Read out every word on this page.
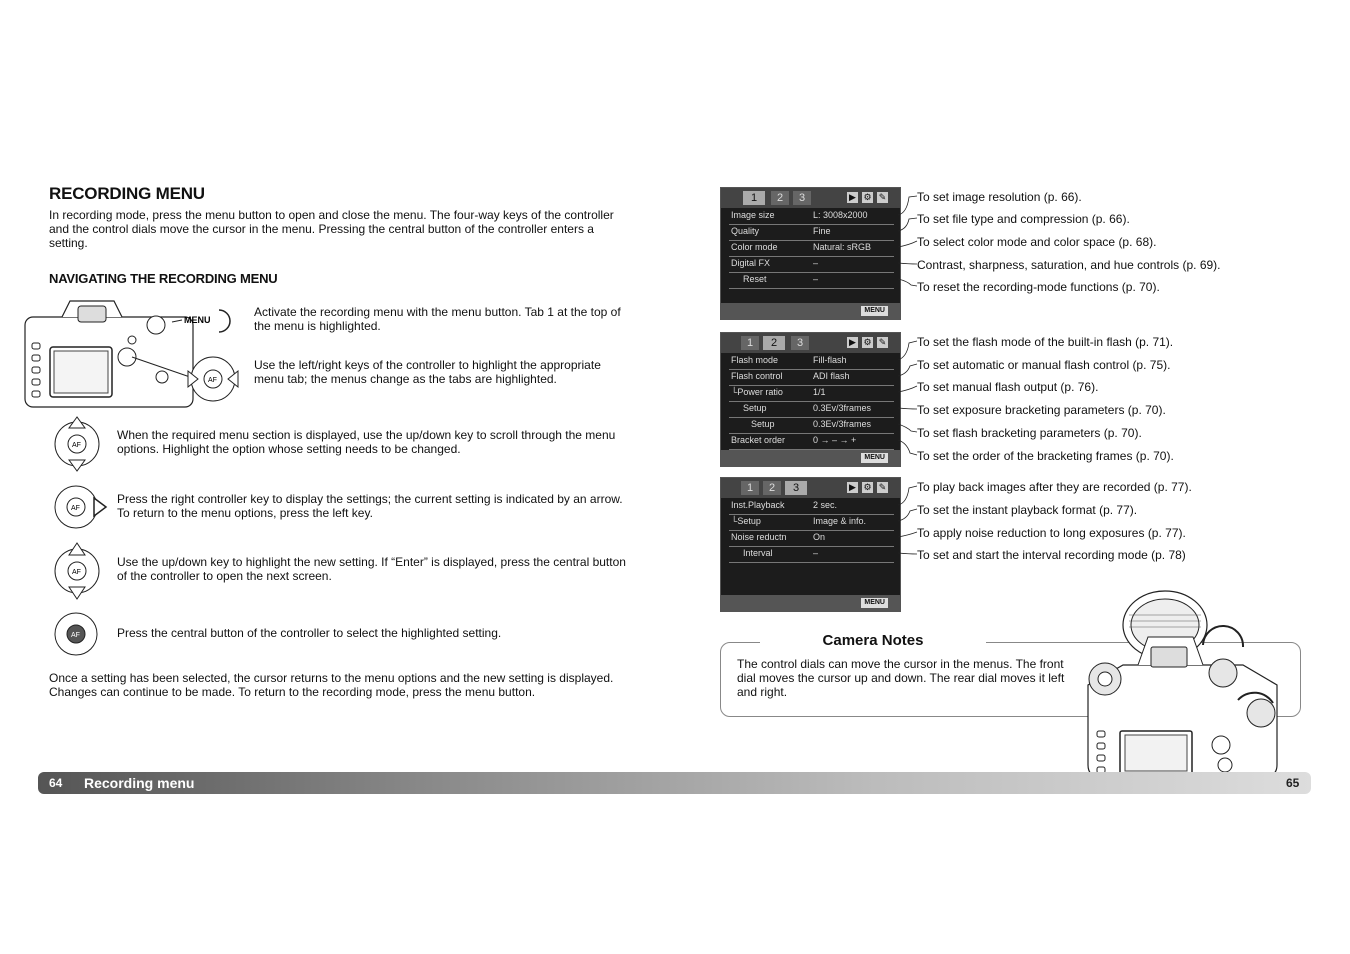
RECORDING MENU

In recording mode, press the menu button to open and close the menu. The four-way keys of the controller and the control dials move the cursor in the menu. Pressing the central button of the controller enters a setting.

NAVIGATING THE RECORDING MENU
MENU
AF

Activate the recording menu with the menu button. Tab 1 at the top of the menu is highlighted.

Use the left/right keys of the controller to highlight the appropriate menu tab; the menus change as the tabs are highlighted.

AF

When the required menu section is displayed, use the up/down key to scroll through the menu options. Highlight the option whose setting needs to be changed.

AF

Press the right controller key to display the settings; the current setting is indicated by an arrow. To return to the menu options, press the left key.

AF

Use the up/down key to highlight the new setting. If “Enter” is displayed, press the central button of the controller to open the next screen.

AF	Press the central button of the controller to select the highlighted setting.

Once a setting has been selected, the cursor returns to the menu options and the new setting is displayed. Changes can continue to be made. To return to the recording mode, press the menu button.

1	2	3	▶ ⚙ ✎
Image size	L: 3008x2000
Quality	Fine
Color mode	Natural: sRGB
Digital FX	–
Reset	–
MENU
1	2	3	▶ ⚙ ✎
Flash mode	Fill-flash
Flash control	ADI flash
└Power ratio	1/1
Setup	0.3Ev/3frames
Setup	0.3Ev/3frames
Bracket order	0 → – → +
MENU
1	2	3	▶ ⚙ ✎
Inst.Playback	2 sec.
└Setup	Image & info.
Noise reductn	On
Interval	–
MENU
To set image resolution (p. 66).
To set file type and compression (p. 66).
To select color mode and color space (p. 68).
Contrast, sharpness, saturation, and hue controls (p. 69).
To reset the recording-mode functions (p. 70).
To set the flash mode of the built-in flash (p. 71).
To set automatic or manual flash control (p. 75).
To set manual flash output (p. 76).
To set exposure bracketing parameters (p. 70).
To set flash bracketing parameters (p. 70).
To set the order of the bracketing frames (p. 70).
To play back images after they are recorded (p. 77).
To set the instant playback format (p. 77).
To apply noise reduction to long exposures (p. 77).
To set and start the interval recording mode (p. 78)
Camera Notes

The control dials can move the cursor in the menus. The front dial moves the cursor up and down. The rear dial moves it left and right.

64 Recording menu	65
